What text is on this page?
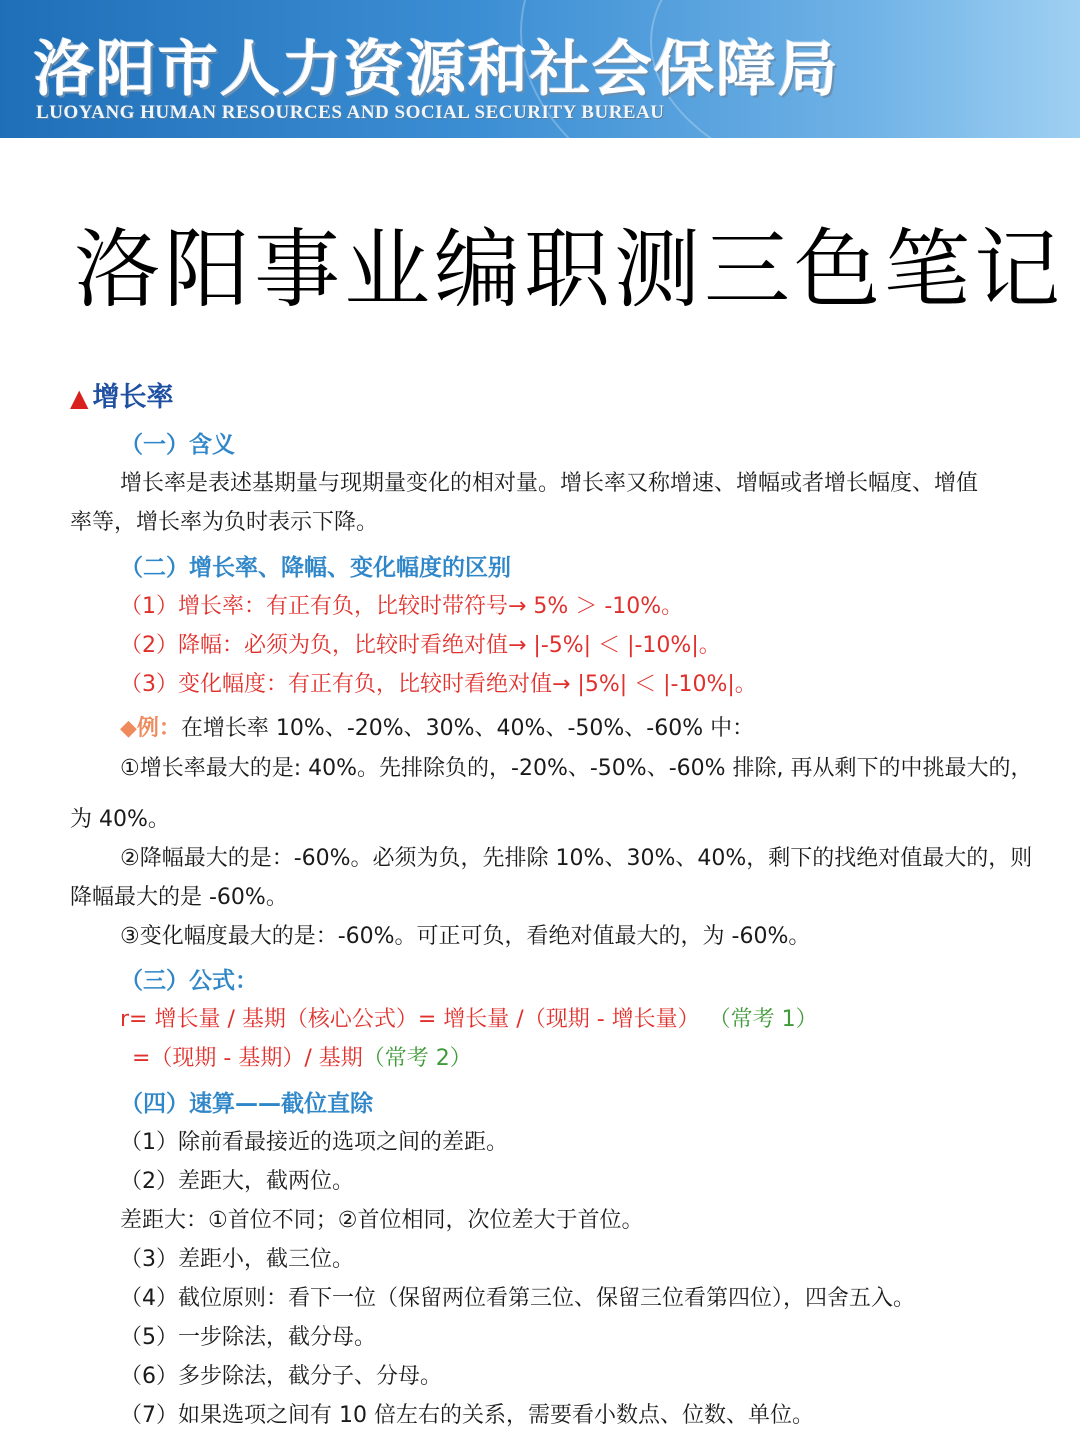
洛阳市人力资源和社会保障局
LUOYANG HUMAN RESOURCES AND SOCIAL SECURITY BUREAU
洛阳事业编职测三色笔记
▲ 增长率
（一）含义
增长率是表述基期量与现期量变化的相对量。增长率又称增速、增幅或者增长幅度、增值
率等，增长率为负时表示下降。
（二）增长率、降幅、变化幅度的区别
（1）增长率：有正有负，比较时带符号→ 5% ＞ -10%。
（2）降幅：必须为负，比较时看绝对值→ |-5%| ＜ |-10%|。
（3）变化幅度：有正有负，比较时看绝对值→ |5%| ＜ |-10%|。
◆例：在增长率 10%、-20%、30%、40%、-50%、-60% 中：
①增长率最大的是: 40%。先排除负的，-20%、-50%、-60% 排除, 再从剩下的中挑最大的，
为 40%。
②降幅最大的是：-60%。必须为负，先排除 10%、30%、40%，剩下的找绝对值最大的，则
降幅最大的是 -60%。
③变化幅度最大的是：-60%。可正可负，看绝对值最大的，为 -60%。
（三）公式：
r= 增长量 / 基期（核心公式）= 增长量 /（现期 - 增长量） （常考 1）
=（现期 - 基期）/ 基期（常考 2）
（四）速算——截位直除
（1）除前看最接近的选项之间的差距。
（2）差距大，截两位。
差距大：①首位不同；②首位相同，次位差大于首位。
（3）差距小，截三位。
（4）截位原则：看下一位（保留两位看第三位、保留三位看第四位），四舍五入。
（5）一步除法，截分母。
（6）多步除法，截分子、分母。
（7）如果选项之间有 10 倍左右的关系，需要看小数点、位数、单位。
